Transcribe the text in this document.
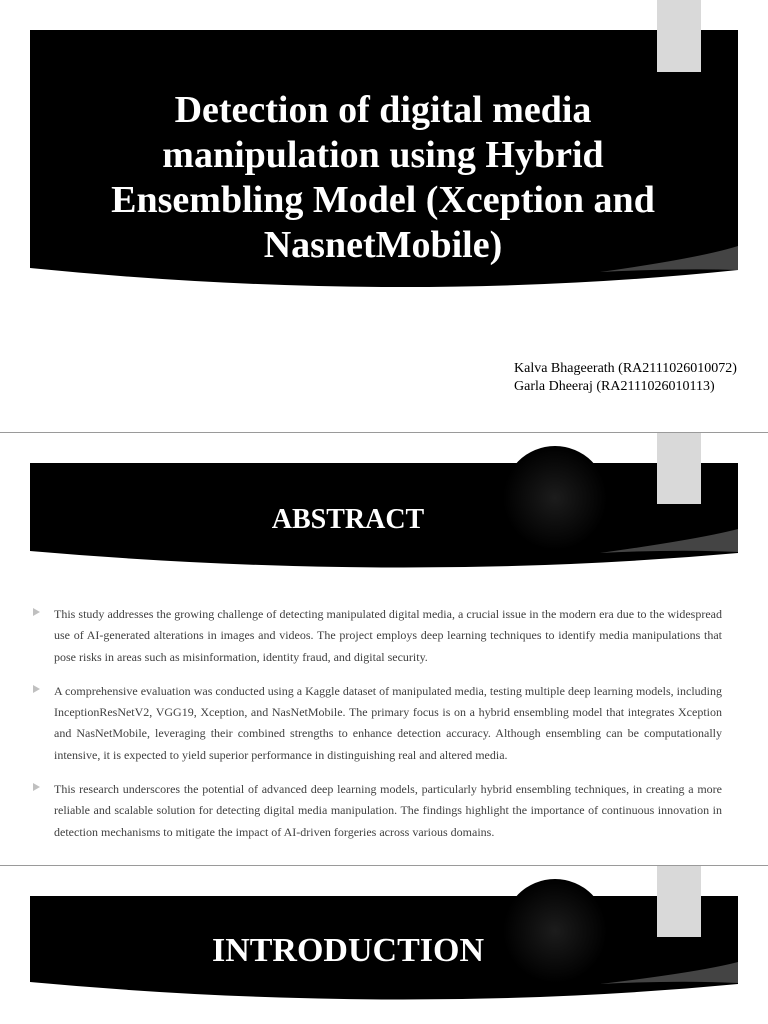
Detection of digital media manipulation using Hybrid Ensembling Model (Xception and NasnetMobile)
Kalva Bhageerath (RA2111026010072)
Garla Dheeraj (RA2111026010113)
ABSTRACT
This study addresses the growing challenge of detecting manipulated digital media, a crucial issue in the modern era due to the widespread use of AI-generated alterations in images and videos. The project employs deep learning techniques to identify media manipulations that pose risks in areas such as misinformation, identity fraud, and digital security.
A comprehensive evaluation was conducted using a Kaggle dataset of manipulated media, testing multiple deep learning models, including InceptionResNetV2, VGG19, Xception, and NasNetMobile. The primary focus is on a hybrid ensembling model that integrates Xception and NasNetMobile, leveraging their combined strengths to enhance detection accuracy. Although ensembling can be computationally intensive, it is expected to yield superior performance in distinguishing real and altered media.
This research underscores the potential of advanced deep learning models, particularly hybrid ensembling techniques, in creating a more reliable and scalable solution for detecting digital media manipulation. The findings highlight the importance of continuous innovation in detection mechanisms to mitigate the impact of AI-driven forgeries across various domains.
INTRODUCTION
